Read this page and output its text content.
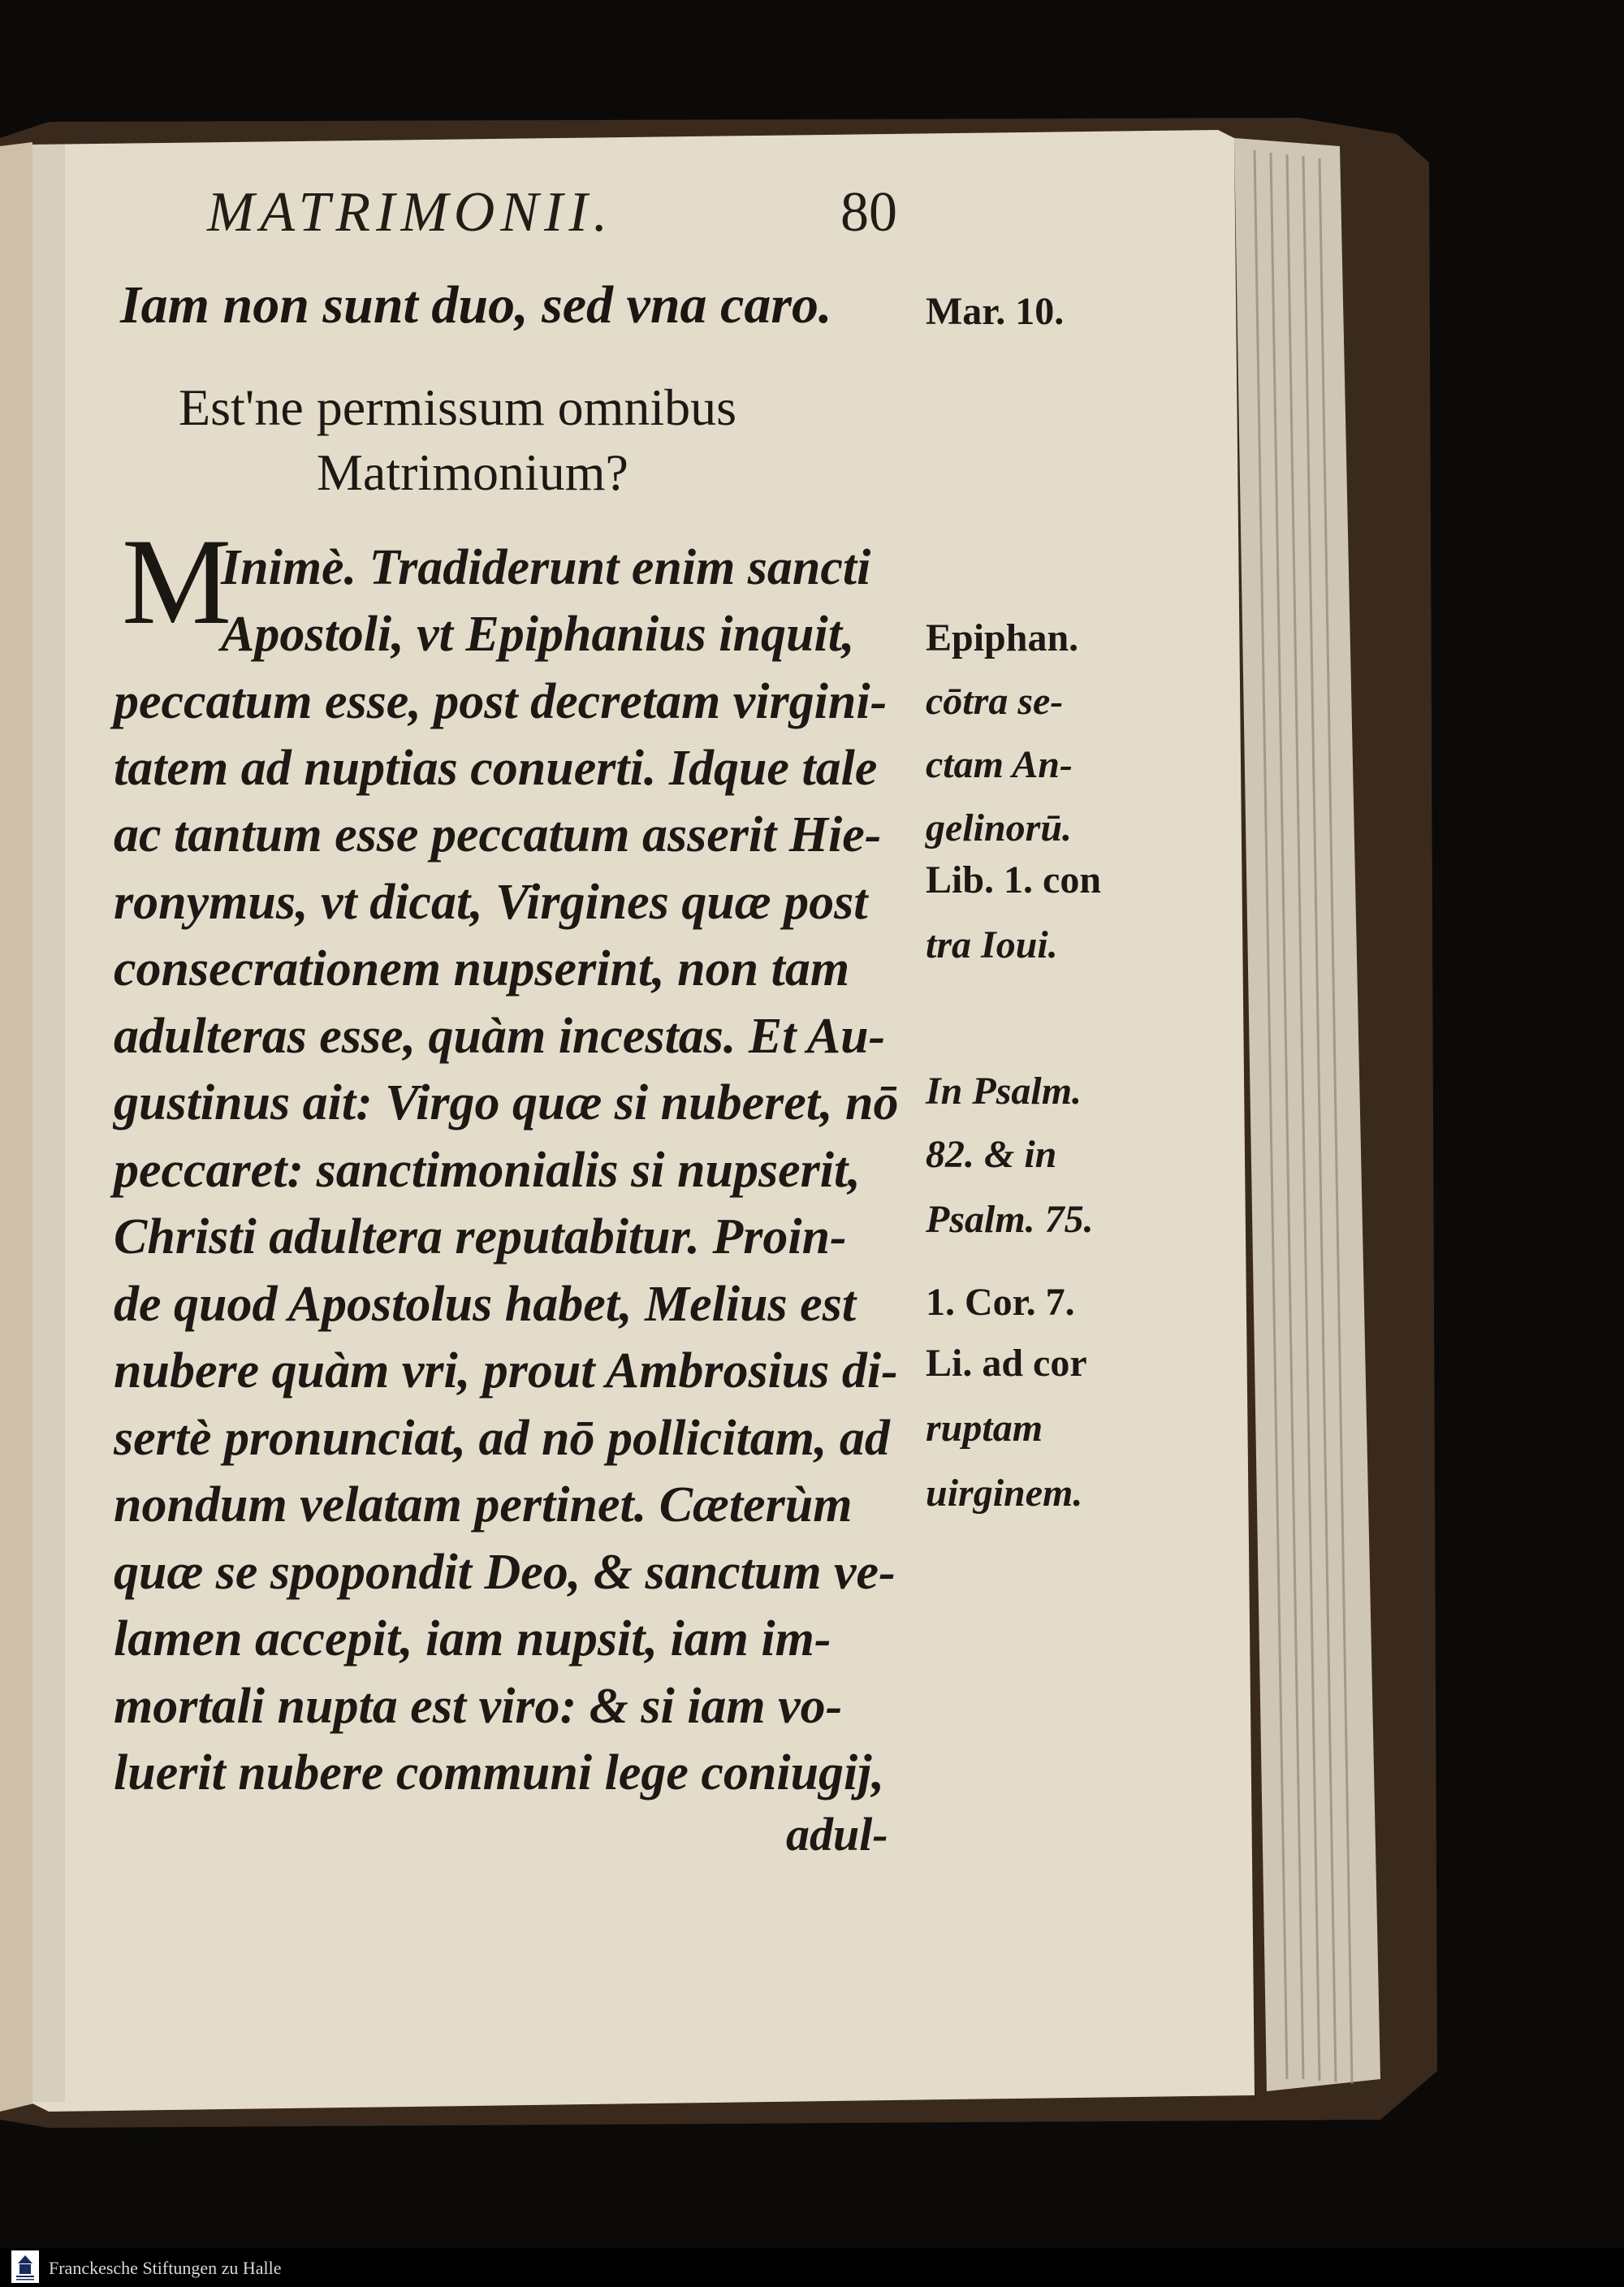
MATRIMONII.	80
Iam non sunt duo, sed vna caro.
Est'ne permissum omnibus
Matrimonium?
M
Inimè. Tradiderunt enim sancti
Apostoli, vt Epiphanius inquit,
peccatum esse, post decretam virgini-
tatem ad nuptias conuerti. Idque tale
ac tantum esse peccatum asserit Hie-
ronymus, vt dicat, Virgines quæ post
consecrationem nupserint, non tam
adulteras esse, quàm incestas. Et Au-
gustinus ait: Virgo quæ si nuberet, nō
peccaret: sanctimonialis si nupserit,
Christi adultera reputabitur. Proin-
de quod Apostolus habet, Melius est
nubere quàm vri, prout Ambrosius di-
sertè pronunciat, ad nō pollicitam, ad
nondum velatam pertinet. Cæterùm
quæ se spopondit Deo, & sanctum ve-
lamen accepit, iam nupsit, iam im-
mortali nupta est viro: & si iam vo-
luerit nubere communi lege coniugij,
adul-
Mar. 10.
Epiphan.
cōtra se-
ctam An-
gelinorū.
Lib. 1. con
tra Ioui.
In Psalm.
82. & in
Psalm. 75.
1. Cor. 7.
Li. ad cor
ruptam
uirginem.
Franckesche Stiftungen zu Halle
